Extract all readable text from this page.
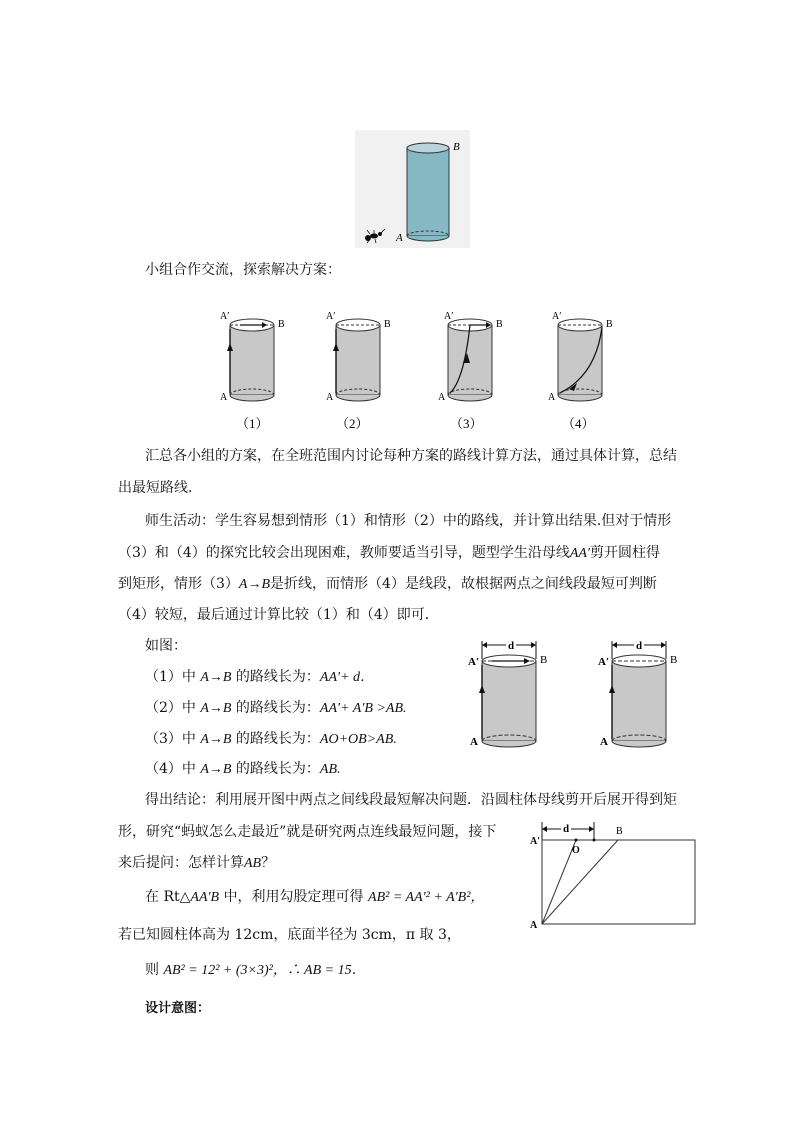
B
A
小组合作交流，探索解决方案：
A′
B
A
A′
B
A
A′
B
A
A′
B
A
（1）	（2）	（3）	（4）
汇总各小组的方案，在全班范围内讨论每种方案的路线计算方法，通过具体计算，总结
出最短路线．
师生活动：学生容易想到情形（1）和情形（2）中的路线，并计算出结果.但对于情形
（3）和（4）的探究比较会出现困难，教师要适当引导，题型学生沿母线AA′剪开圆柱得
到矩形，情形（3）A→B是折线，而情形（4）是线段，故根据两点之间线段最短可判断
（4）较短，最后通过计算比较（1）和（4）即可．
如图：
（1）中 A→B 的路线长为：AA′+ d．
（2）中 A→B 的路线长为：AA′+ A′B >AB.
（3）中 A→B 的路线长为：AO+OB>AB.
（4）中 A→B 的路线长为：AB.
d
A′	B
A
d
A′	B
A
得出结论：利用展开图中两点之间线段最短解决问题．沿圆柱体母线剪开后展开得到矩
形，研究“蚂蚁怎么走最近”就是研究两点连线最短问题，接下
来后提问：怎样计算AB？
d
A′
B
O
A
在 Rt△AA′B 中，利用勾股定理可得 AB² = AA′² + A′B²，
若已知圆柱体高为 12cm，底面半径为 3cm，π 取 3，
则 AB² = 12² + (3×3)²，∴ AB = 15．
设计意图：
